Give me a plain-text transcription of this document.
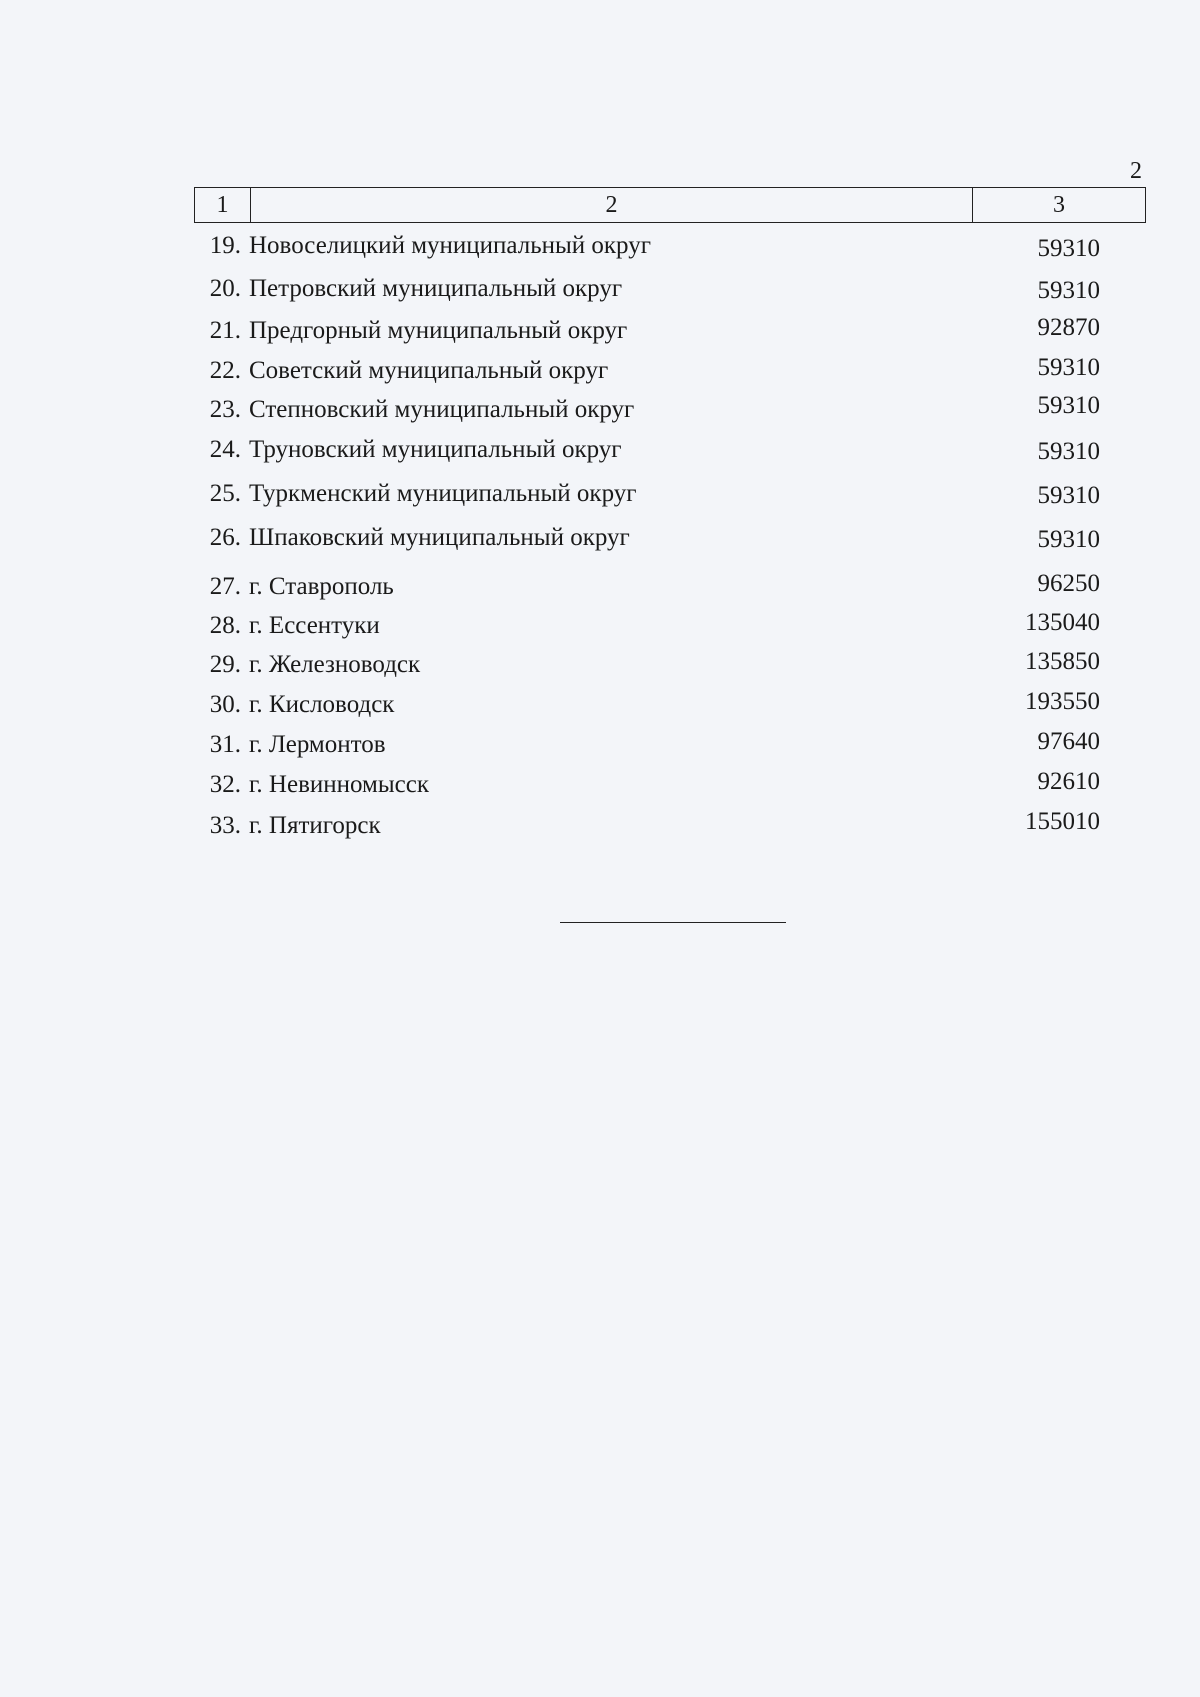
2
1	2	3
19. Новоселицкий муниципальный округ	59310
20. Петровский муниципальный округ	59310
21. Предгорный муниципальный округ	92870
22. Советский муниципальный округ	59310
23. Степновский муниципальный округ	59310
24. Труновский муниципальный округ	59310
25. Туркменский муниципальный округ	59310
26. Шпаковский муниципальный округ	59310
27. г. Ставрополь	96250
28. г. Ессентуки	135040
29. г. Железноводск	135850
30. г. Кисловодск	193550
31. г. Лермонтов	97640
32. г. Невинномысск	92610
33. г. Пятигорск	155010
